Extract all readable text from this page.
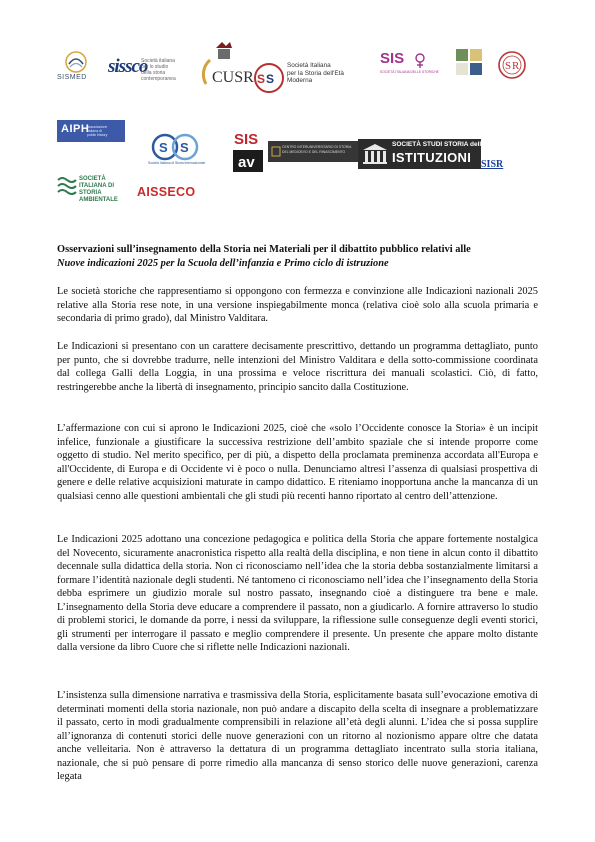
SISMED
sissco
Società italiana
per lo studio
della storia
contemporanea CUSR S S
Società Italiana
per la Storia dell'Età
Moderna
SIS
SOCIETÀ ITALIANA DELLE STORICHE	S R
AIPH
associazione
italiana di
public history
S S
Società Italiana di Storia Internazionale
SIS
av
CENTRO INTERUNIVERSITARIO DI STORIA
DEL MEDIOEVO E DEL RINASCIMENTO
SOCIETÀ STUDI STORIA delle
ISTITUZIONI SISR
SOCIETÀ
ITALIANA DI
STORIA
AMBIENTALE
AISSECO
Osservazioni sull’insegnamento della Storia nei Materiali per il dibattito pubblico relativi alle
Nuove indicazioni 2025 per la Scuola dell’infanzia e Primo ciclo di istruzione

Le società storiche che rappresentiamo si oppongono con fermezza e convinzione alle Indicazioni nazionali 2025 relative alla Storia rese note, in una versione inspiegabilmente monca (relativa cioè solo alla scuola primaria e secondaria di primo grado), dal Ministro Valditara.

Le Indicazioni si presentano con un carattere decisamente prescrittivo, dettando un programma dettagliato, punto per punto, che si dovrebbe tradurre, nelle intenzioni del Ministro Valditara e della sotto-commissione coordinata dal collega Galli della Loggia, in una prossima e veloce riscrittura dei manuali scolastici. Ciò, di fatto, restringerebbe anche la libertà di insegnamento, principio sancito dalla Costituzione.

L’affermazione con cui si aprono le Indicazioni 2025, cioè che «solo l’Occidente conosce la Storia» è un incipit infelice, funzionale a giustificare la successiva restrizione dell’ambito spaziale che si intende proporre come oggetto di studio. Nel merito specifico, per di più, a dispetto della proclamata preminenza accordata all'Europa e all'Occidente, di Europa e di Occidente vi è poco o nulla. Denunciamo altresì l’assenza di qualsiasi prospettiva di genere e delle relative acquisizioni maturate in campo didattico. E riteniamo inopportuna anche la mancanza di un qualsiasi cenno alle questioni ambientali che gli studi più recenti hanno riportato al centro dell’attenzione.

Le Indicazioni 2025 adottano una concezione pedagogica e politica della Storia che appare fortemente nostalgica del Novecento, sicuramente anacronistica rispetto alla realtà della disciplina, e non tiene in alcun conto il dibattito decennale sulla didattica della storia. Non ci riconosciamo nell’idea che la storia debba sostanzialmente limitarsi a formare l’identità nazionale degli studenti. Né tantomeno ci riconosciamo nell’idea che l’insegnamento della Storia debba esprimere un giudizio morale sul nostro passato, insegnando cioè a distinguere tra bene e male. L’insegnamento della Storia deve educare a comprendere il passato, non a giudicarlo. A fornire attraverso lo studio di problemi storici, le domande da porre, i nessi da sviluppare, la riflessione sulle conseguenze degli eventi storici, gli strumenti per interrogare il passato e meglio comprendere il presente. Un presente che appare molto distante dalla versione da libro Cuore che si riflette nelle Indicazioni nazionali.

L’insistenza sulla dimensione narrativa e trasmissiva della Storia, esplicitamente basata sull’evocazione emotiva di determinati momenti della storia nazionale, non può andare a discapito della scelta di insegnare a problematizzare il passato, certo in modi gradualmente comprensibili in relazione all’età degli alunni. L’idea che si possa supplire all’ignoranza di contenuti storici delle nuove generazioni con un ritorno al nozionismo appare oltre che datata anche velleitaria. Non è attraverso la dettatura di un programma dettagliato incentrato sulla storia italiana, nazionale, che si può pensare di porre rimedio alla mancanza di senso storico delle nuove generazioni, carenza legata
